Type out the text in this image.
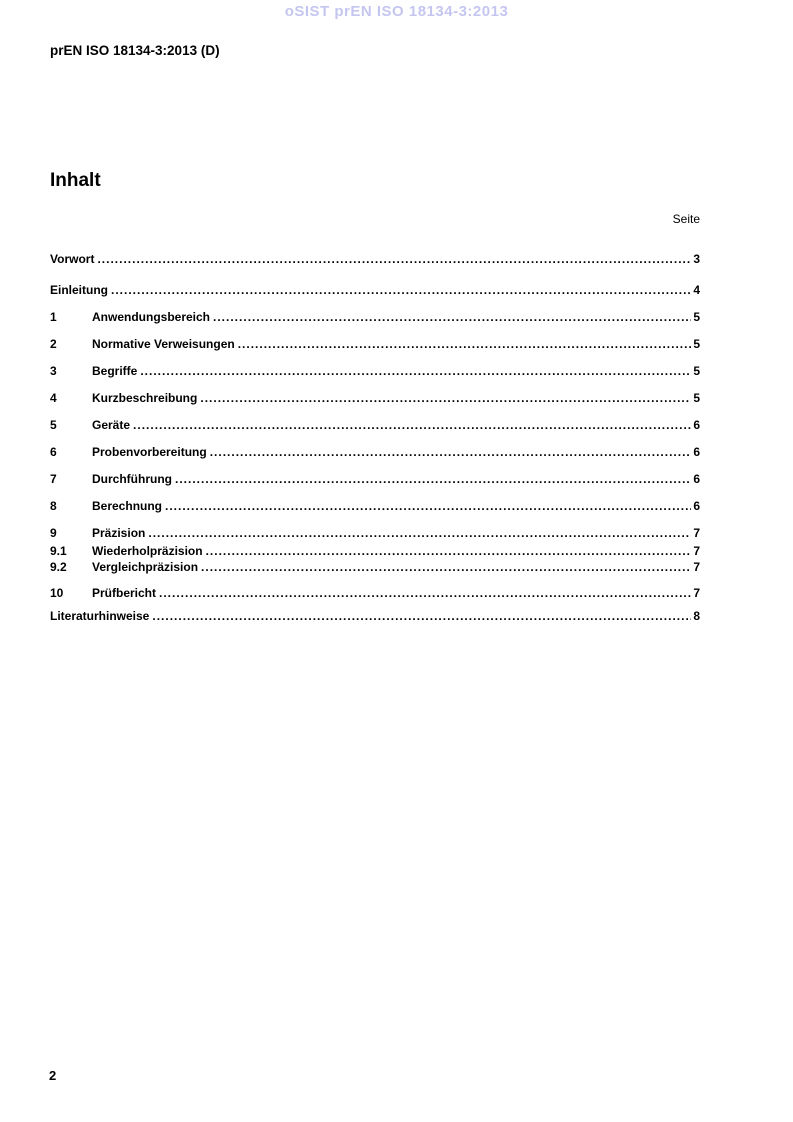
oSIST prEN ISO 18134-3:2013
prEN ISO 18134-3:2013 (D)
Inhalt
Seite
Vorwort .....	3
Einleitung .....	4
1	Anwendungsbereich .....	5
2	Normative Verweisungen .....	5
3	Begriffe .....	5
4	Kurzbeschreibung .....	5
5	Geräte .....	6
6	Probenvorbereitung .....	6
7	Durchführung .....	6
8	Berechnung .....	6
9	Präzision .....	7
9.1	Wiederholpräzision .....	7
9.2	Vergleichpräzision .....	7
10	Prüfbericht .....	7
Literaturhinweise .....	8
2
